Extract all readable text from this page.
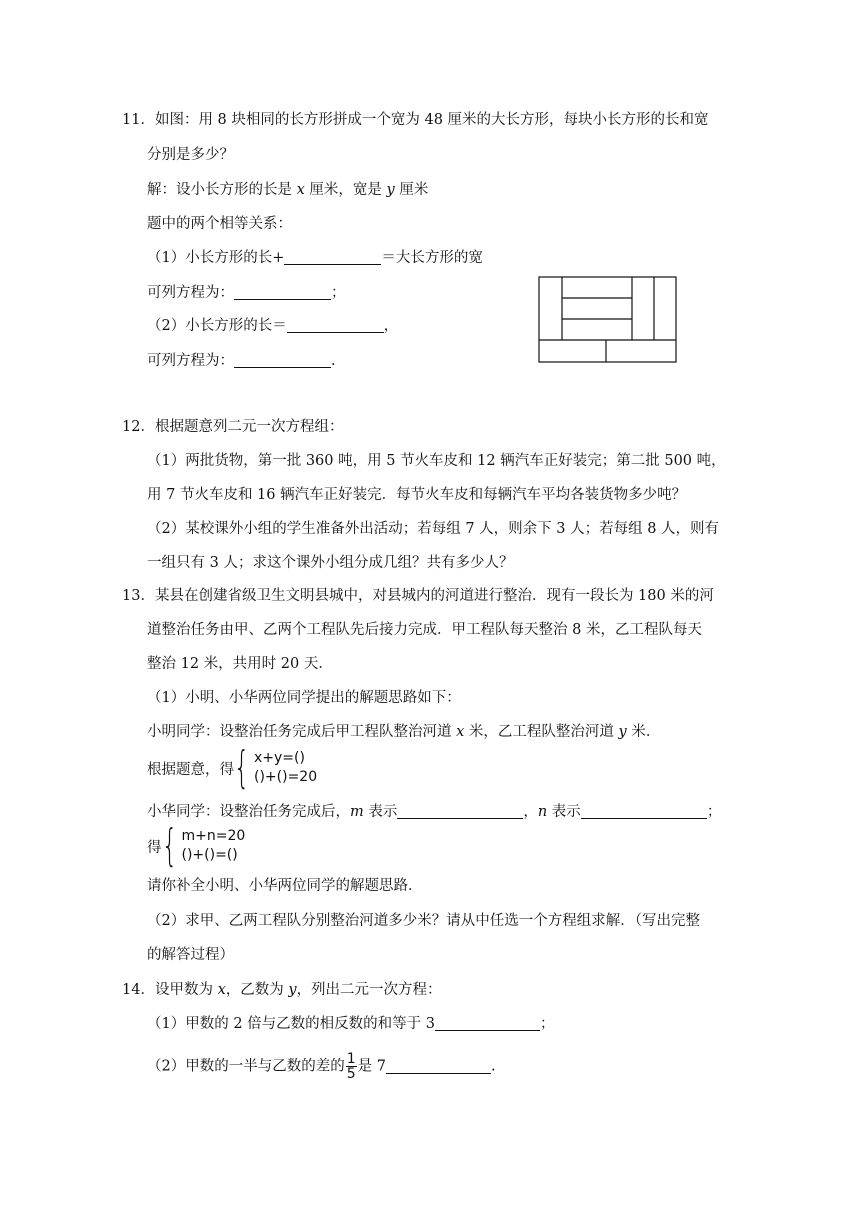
11．如图：用 8 块相同的长方形拼成一个宽为 48 厘米的大长方形，每块小长方形的长和宽
分别是多少？
解：设小长方形的长是 x 厘米，宽是 y 厘米
题中的两个相等关系：
（1）小长方形的长+	＝大长方形的宽
可列方程为：	；
（2）小长方形的长＝	，
可列方程为：	.
12．根据题意列二元一次方程组：
（1）两批货物，第一批 360 吨，用 5 节火车皮和 12 辆汽车正好装完；第二批 500 吨，
用 7 节火车皮和 16 辆汽车正好装完．每节火车皮和每辆汽车平均各装货物多少吨？
（2）某校课外小组的学生准备外出活动；若每组 7 人，则余下 3 人；若每组 8 人，则有
一组只有 3 人；求这个课外小组分成几组？共有多少人？
13．某县在创建省级卫生文明县城中，对县城内的河道进行整治．现有一段长为 180 米的河
道整治任务由甲、乙两个工程队先后接力完成．甲工程队每天整治 8 米，乙工程队每天
整治 12 米，共用时 20 天．
（1）小明、小华两位同学提出的解题思路如下：
小明同学：设整治任务完成后甲工程队整治河道 x 米，乙工程队整治河道 y 米．
根据题意，得 { x+y=()
()+()=20
小华同学：设整治任务完成后，m 表示	，n 表示	；
得 { m+n=20
()+()=()
请你补全小明、小华两位同学的解题思路．
（2）求甲、乙两工程队分别整治河道多少米？请从中任选一个方程组求解．（写出完整
的解答过程）
14．设甲数为 x，乙数为 y，列出二元一次方程：
（1）甲数的 2 倍与乙数的相反数的和等于 3	；
（2）甲数的一半与乙数的差的 $\frac{1}{5}$ 是 7	.
